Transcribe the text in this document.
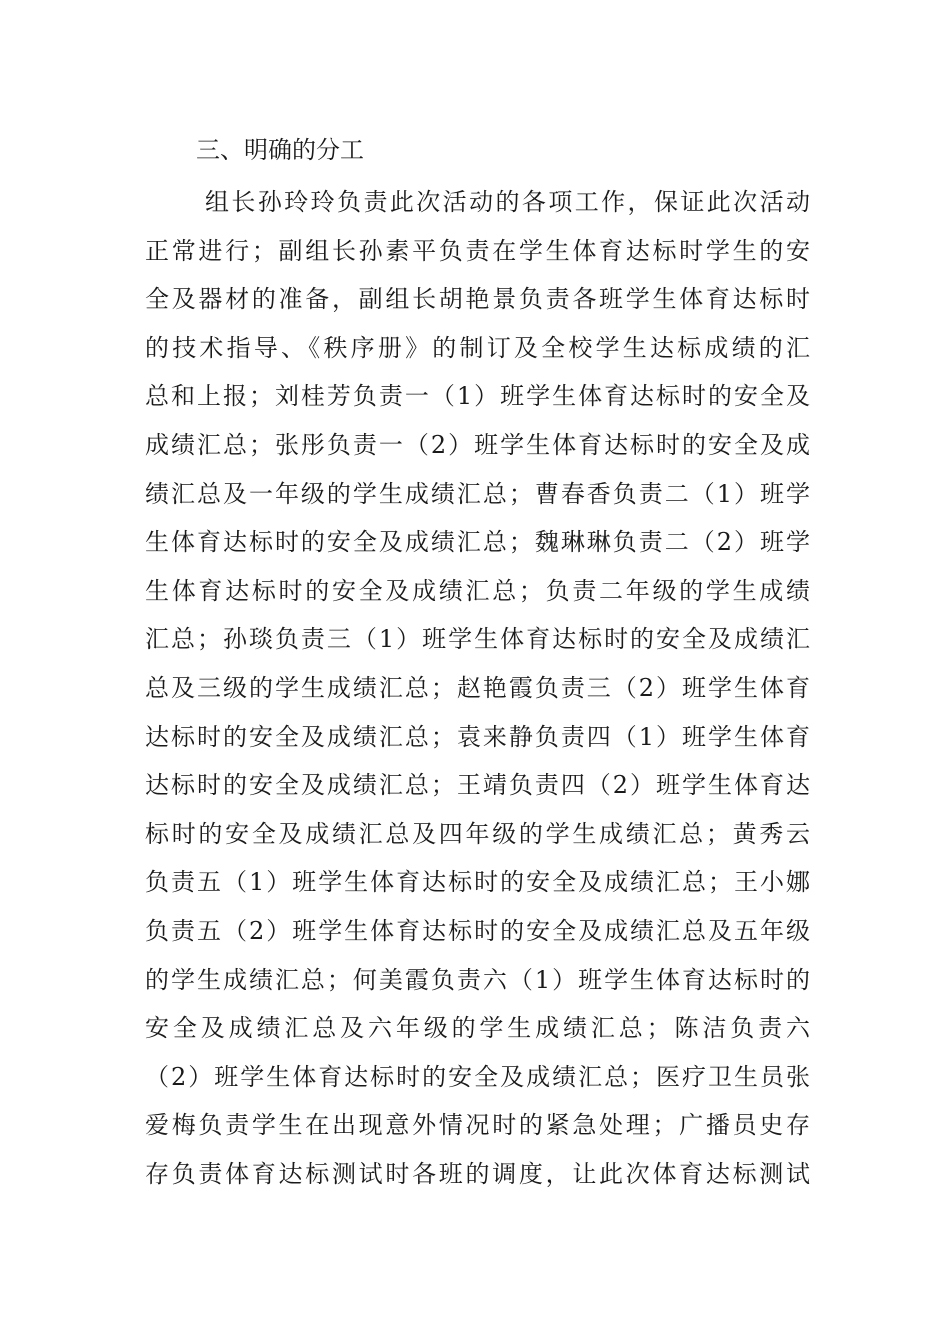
三、明确的分工
组长孙玲玲负责此次活动的各项工作，保证此次活动
正常进行；副组长孙素平负责在学生体育达标时学生的安
全及器材的准备，副组长胡艳景负责各班学生体育达标时
的技术指导、《秩序册》的制订及全校学生达标成绩的汇
总和上报；刘桂芳负责一（1）班学生体育达标时的安全及
成绩汇总；张彤负责一（2）班学生体育达标时的安全及成
绩汇总及一年级的学生成绩汇总；曹春香负责二（1）班学
生体育达标时的安全及成绩汇总；魏琳琳负责二（2）班学
生体育达标时的安全及成绩汇总；负责二年级的学生成绩
汇总；孙琰负责三（1）班学生体育达标时的安全及成绩汇
总及三级的学生成绩汇总；赵艳霞负责三（2）班学生体育
达标时的安全及成绩汇总；袁来静负责四（1）班学生体育
达标时的安全及成绩汇总；王靖负责四（2）班学生体育达
标时的安全及成绩汇总及四年级的学生成绩汇总；黄秀云
负责五（1）班学生体育达标时的安全及成绩汇总；王小娜
负责五（2）班学生体育达标时的安全及成绩汇总及五年级
的学生成绩汇总；何美霞负责六（1）班学生体育达标时的
安全及成绩汇总及六年级的学生成绩汇总；陈洁负责六
（2）班学生体育达标时的安全及成绩汇总；医疗卫生员张
爱梅负责学生在出现意外情况时的紧急处理；广播员史存
存负责体育达标测试时各班的调度，让此次体育达标测试
